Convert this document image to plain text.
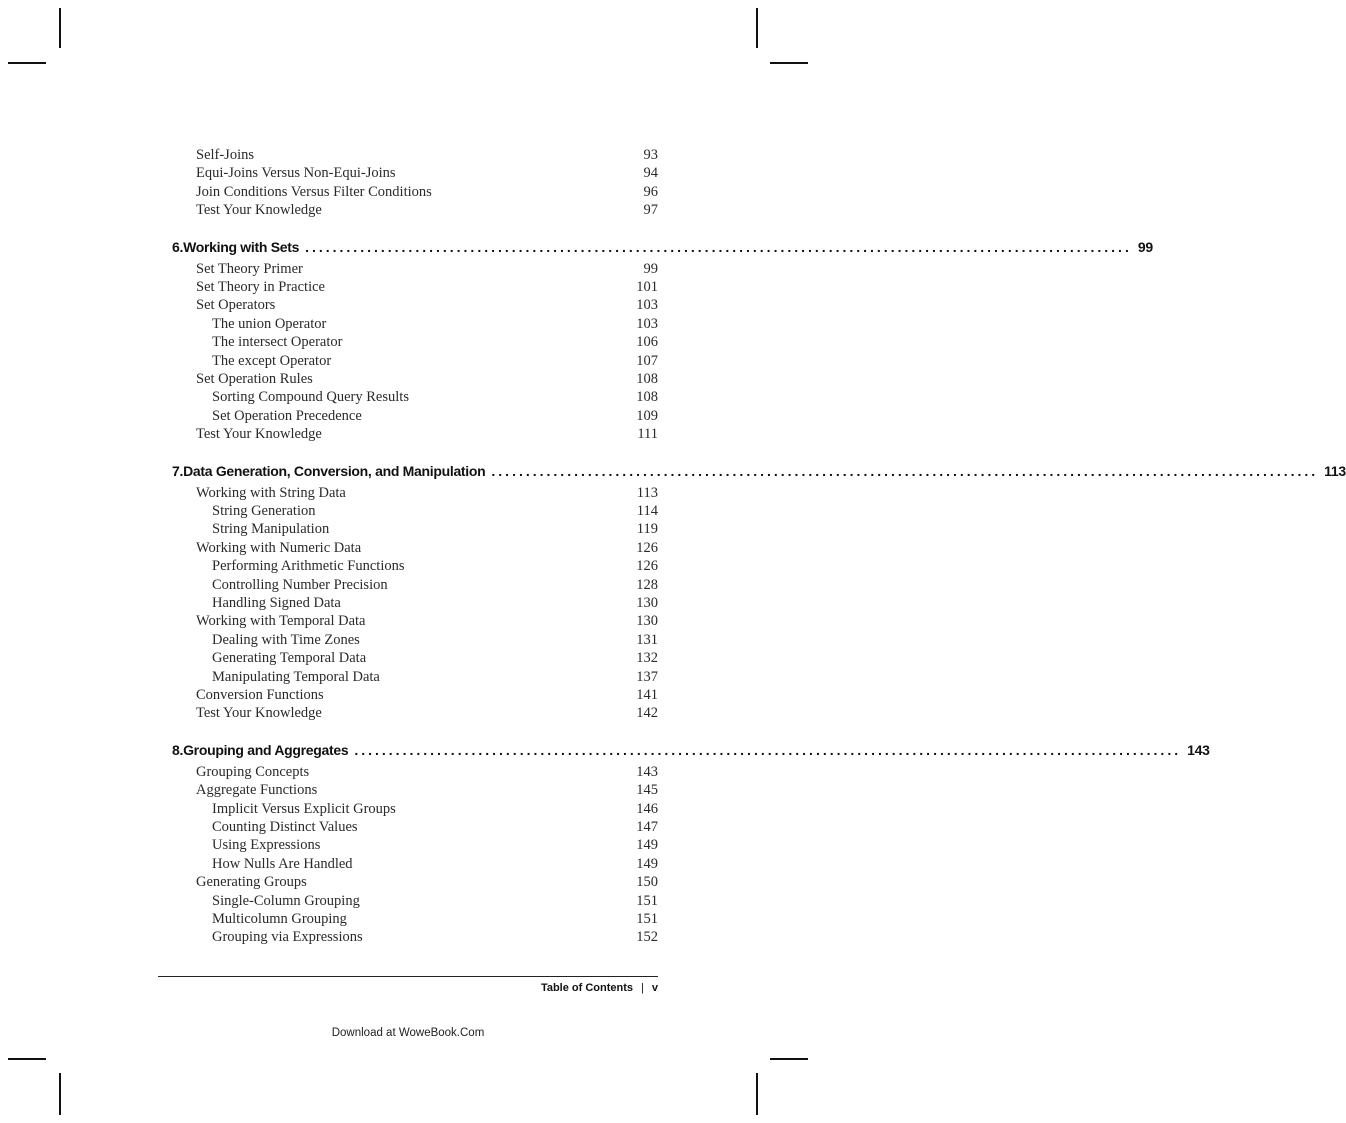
Self-Joins	93
Equi-Joins Versus Non-Equi-Joins	94
Join Conditions Versus Filter Conditions	96
Test Your Knowledge	97
6. Working with Sets ........................................................................................................................ 99
Set Theory Primer	99
Set Theory in Practice	101
Set Operators	103
The union Operator	103
The intersect Operator	106
The except Operator	107
Set Operation Rules	108
Sorting Compound Query Results	108
Set Operation Precedence	109
Test Your Knowledge	111
7. Data Generation, Conversion, and Manipulation ........................................................................................................................ 113
Working with String Data	113
String Generation	114
String Manipulation	119
Working with Numeric Data	126
Performing Arithmetic Functions	126
Controlling Number Precision	128
Handling Signed Data	130
Working with Temporal Data	130
Dealing with Time Zones	131
Generating Temporal Data	132
Manipulating Temporal Data	137
Conversion Functions	141
Test Your Knowledge	142
8. Grouping and Aggregates ........................................................................................................................ 143
Grouping Concepts	143
Aggregate Functions	145
Implicit Versus Explicit Groups	146
Counting Distinct Values	147
Using Expressions	149
How Nulls Are Handled	149
Generating Groups	150
Single-Column Grouping	151
Multicolumn Grouping	151
Grouping via Expressions	152
Table of Contents | v
Download at WoweBook.Com
